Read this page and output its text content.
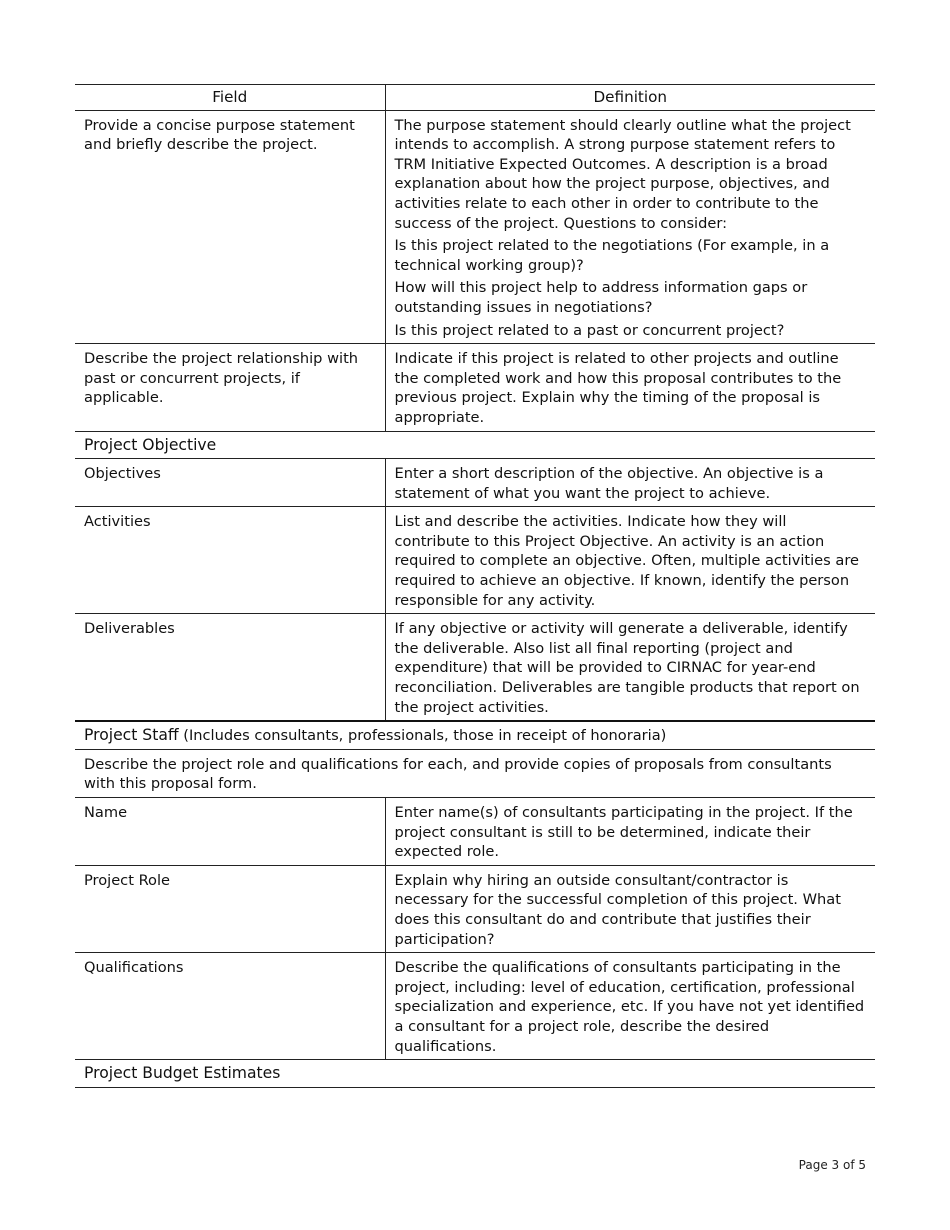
Field	Definition
Provide a concise purpose statement and briefly describe the project.	The purpose statement should clearly outline what the project intends to accomplish. A strong purpose statement refers to TRM Initiative Expected Outcomes. A description is a broad explanation about how the project purpose, objectives, and activities relate to each other in order to contribute to the success of the project. Questions to consider:

Is this project related to the negotiations (For example, in a technical working group)?

How will this project help to address information gaps or outstanding issues in negotiations?

Is this project related to a past or concurrent project?

Describe the project relationship with past or concurrent projects, if applicable.	Indicate if this project is related to other projects and outline the completed work and how this proposal contributes to the previous project. Explain why the timing of the proposal is appropriate.
Project Objective	
Objectives	Enter a short description of the objective. An objective is a statement of what you want the project to achieve.
Activities	List and describe the activities. Indicate how they will contribute to this Project Objective. An activity is an action required to complete an objective. Often, multiple activities are required to achieve an objective. If known, identify the person responsible for any activity.
Deliverables	If any objective or activity will generate a deliverable, identify the deliverable. Also list all final reporting (project and expenditure) that will be provided to CIRNAC for year-end reconciliation. Deliverables are tangible products that report on the project activities.
Project Staff (Includes consultants, professionals, those in receipt of honoraria)	
Describe the project role and qualifications for each, and provide copies of proposals from consultants with this proposal form.	
Name	Enter name(s) of consultants participating in the project. If the project consultant is still to be determined, indicate their expected role.
Project Role	Explain why hiring an outside consultant/contractor is necessary for the successful completion of this project. What does this consultant do and contribute that justifies their participation?
Qualifications	Describe the qualifications of consultants participating in the project, including: level of education, certification, professional specialization and experience, etc. If you have not yet identified a consultant for a project role, describe the desired qualifications.
Project Budget Estimates	
Page 3 of 5
